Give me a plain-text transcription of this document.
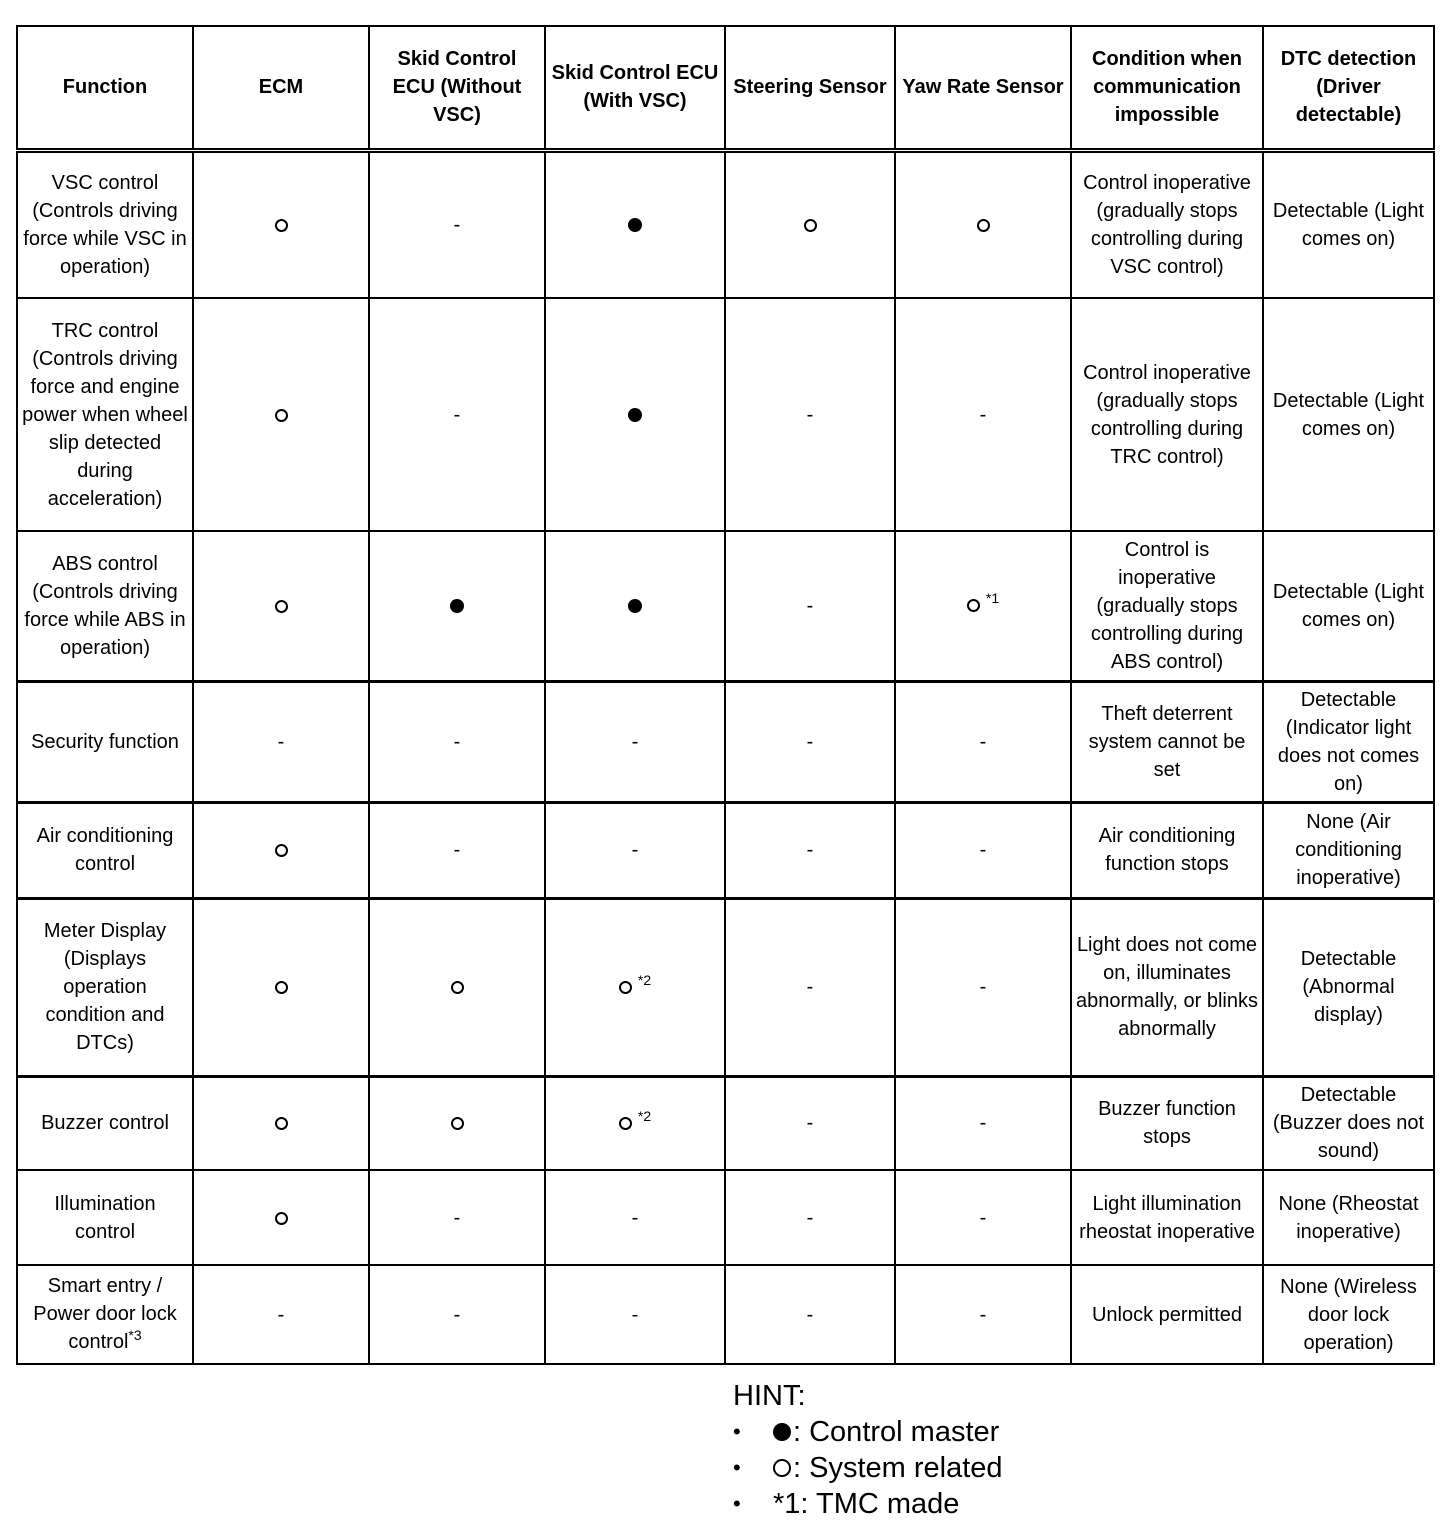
Function	ECM	Skid Control ECU (Without VSC)	Skid Control ECU (With VSC)	Steering Sensor	Yaw Rate Sensor	Condition when communication impossible	DTC detection (Driver detectable)
VSC control (Controls driving force while VSC in operation)		-				Control inoperative (gradually stops controlling during VSC control)	Detectable (Light comes on)
TRC control (Controls driving force and engine power when wheel slip detected during acceleration)		-		-	-	Control inoperative (gradually stops controlling during TRC control)	Detectable (Light comes on)
ABS control (Controls driving force while ABS in operation)				-	$^{*1}$	Control is inoperative (gradually stops controlling during ABS control)	Detectable (Light comes on)
Security function	-	-	-	-	-	Theft deterrent system cannot be set	Detectable (Indicator light does not comes on)
Air conditioning control		-	-	-	-	Air conditioning function stops	None (Air conditioning inoperative)
Meter Display (Displays operation condition and DTCs)			$^{*2}$	-	-	Light does not come on, illuminates abnormally, or blinks abnormally	Detectable (Abnormal display)
Buzzer control			$^{*2}$	-	-	Buzzer function stops	Detectable (Buzzer does not sound)
Illumination control		-	-	-	-	Light illumination rheostat inoperative	None (Rheostat inoperative)
Smart entry / Power door lock control$^{*3}$	-	-	-	-	-	Unlock permitted	None (Wireless door lock operation)
HINT:
•	: Control master
•	: System related
•	*1: TMC made
